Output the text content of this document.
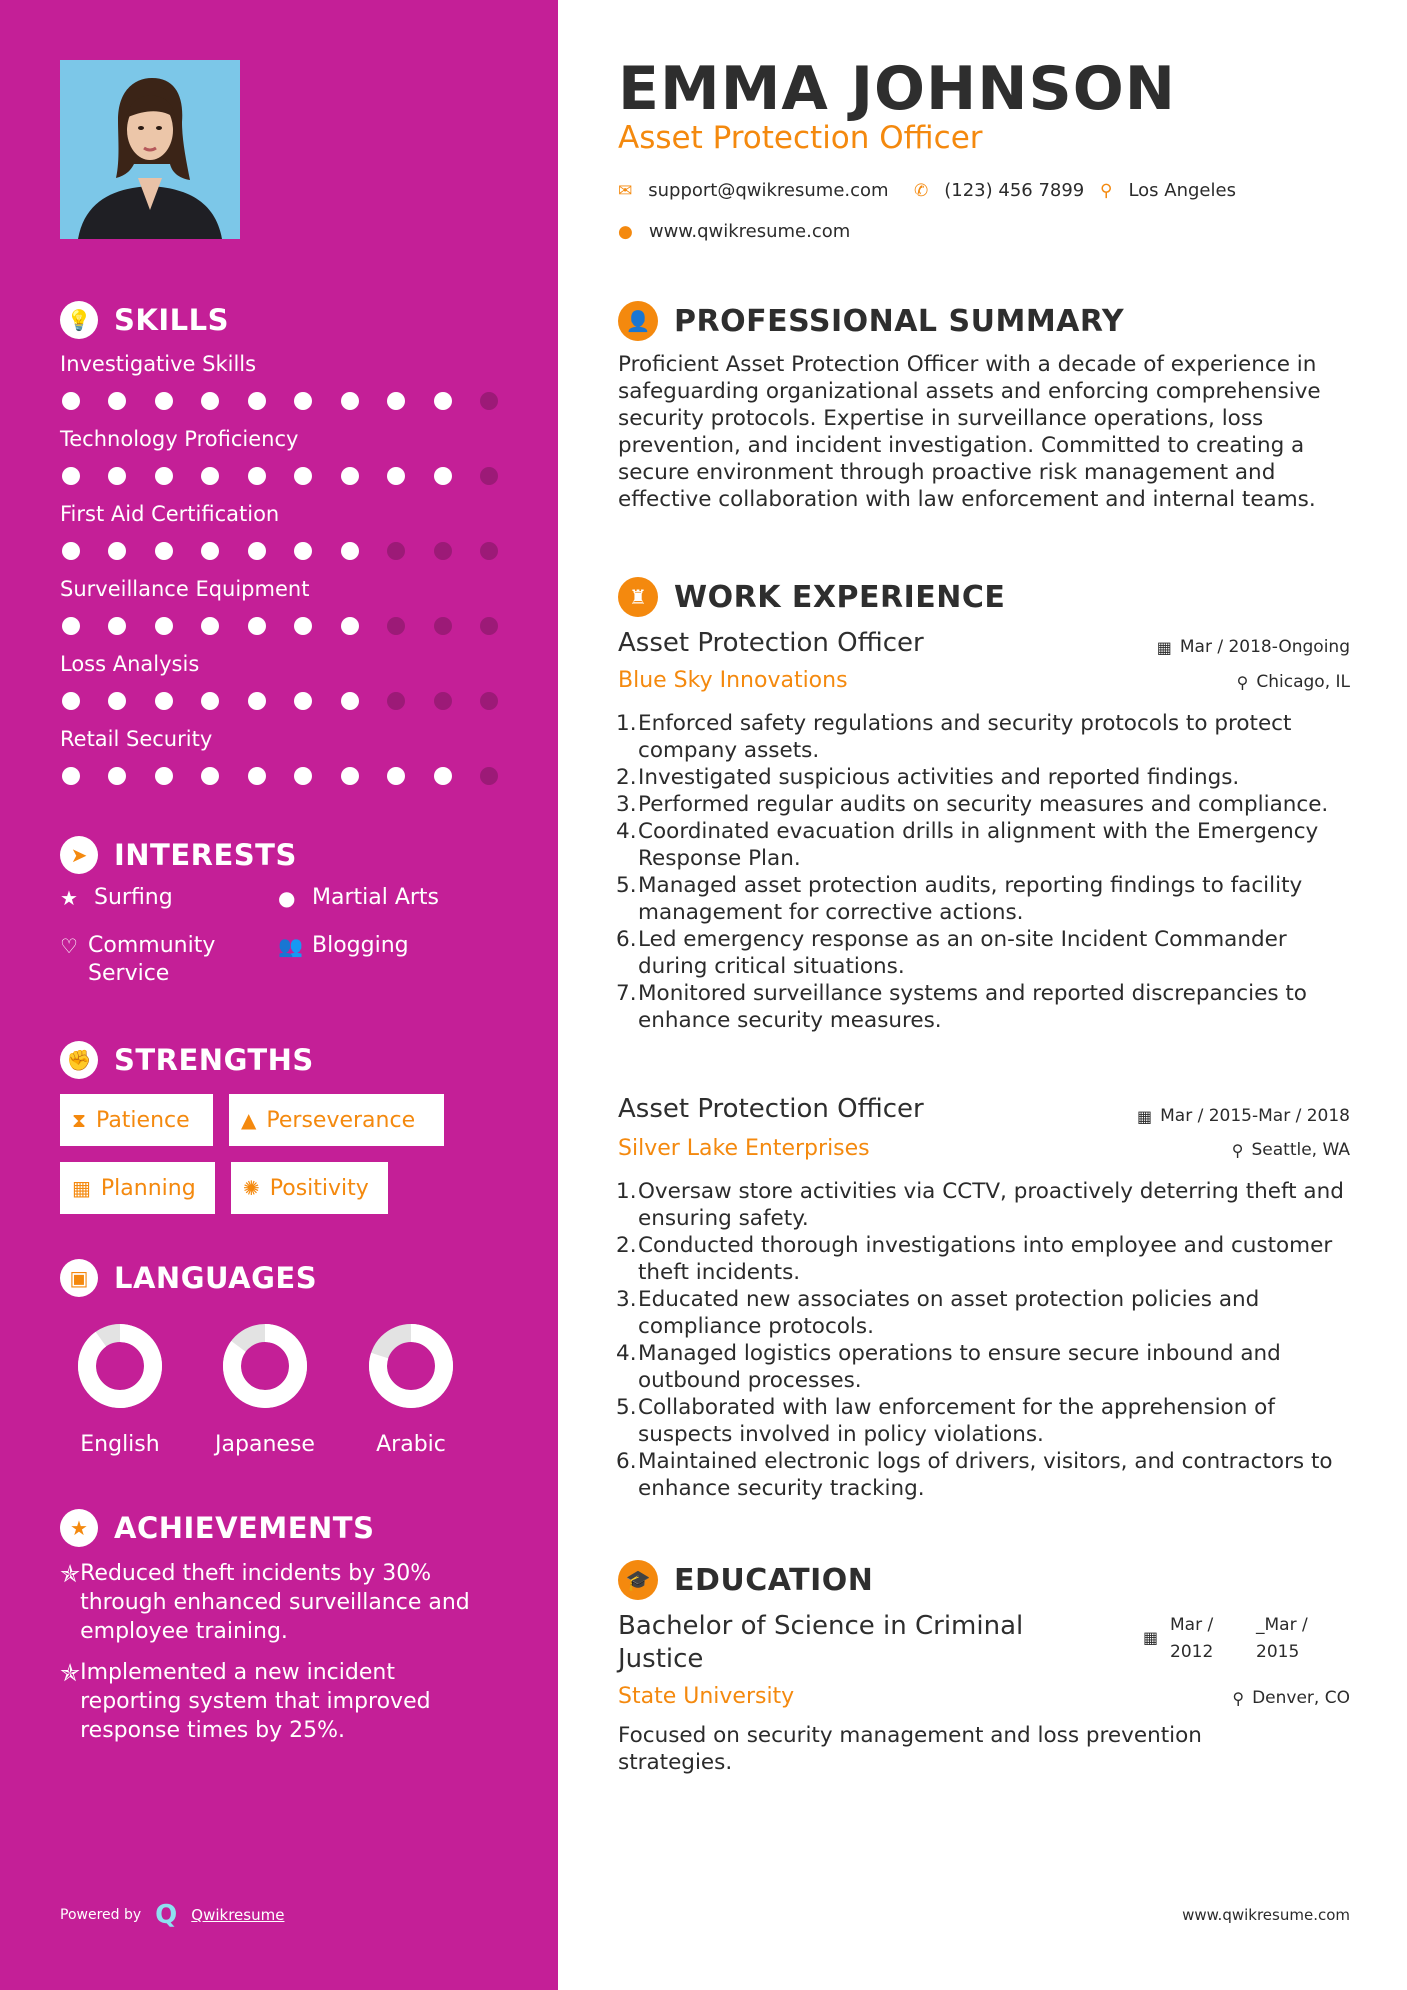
💡 SKILLS
Investigative Skills
Technology Proficiency
First Aid Certification
Surveillance Equipment
Loss Analysis
Retail Security
➤ INTERESTS
★ Surfing	● Martial Arts
♡ Community Service
👥 Blogging
✊ STRENGTHS
⧗ Patience	▲ Perseverance
▦ Planning ✺ Positivity
▣ LANGUAGES
English	Japanese	Arabic
★ ACHIEVEMENTS
✯ Reduced theft incidents by 30% through enhanced surveillance and employee training.
✯ Implemented a new incident reporting system that improved response times by 25%.
Powered by Q Qwikresume
EMMA JOHNSON
Asset Protection Officer
✉ support@qwikresume.com ✆ (123) 456 7899 ⚲ Los Angeles
● www.qwikresume.com
👤 PROFESSIONAL SUMMARY
Proficient Asset Protection Officer with a decade of experience in safeguarding organizational assets and enforcing comprehensive security protocols. Expertise in surveillance operations, loss prevention, and incident investigation. Committed to creating a secure environment through proactive risk management and effective collaboration with law enforcement and internal teams.
♜ WORK EXPERIENCE
Asset Protection Officer	▦ Mar / 2018-Ongoing
Blue Sky Innovations	⚲ Chicago, IL
Enforced safety regulations and security protocols to protect company assets.
Investigated suspicious activities and reported findings.
Performed regular audits on security measures and compliance.
Coordinated evacuation drills in alignment with the Emergency Response Plan.
Managed asset protection audits, reporting findings to facility management for corrective actions.
Led emergency response as an on-site Incident Commander during critical situations.
Monitored surveillance systems and reported discrepancies to enhance security measures.
Asset Protection Officer	▦ Mar / 2015-Mar / 2018
Silver Lake Enterprises	⚲ Seattle, WA
Oversaw store activities via CCTV, proactively deterring theft and ensuring safety.
Conducted thorough investigations into employee and customer theft incidents.
Educated new associates on asset protection policies and compliance protocols.
Managed logistics operations to ensure secure inbound and outbound processes.
Collaborated with law enforcement for the apprehension of suspects involved in policy violations.
Maintained electronic logs of drivers, visitors, and contractors to enhance security tracking.
🎓 EDUCATION
Bachelor of Science in Criminal Justice
▦
Mar / 2012
_Mar / 2015
State University	⚲ Denver, CO
Focused on security management and loss prevention strategies.
www.qwikresume.com
